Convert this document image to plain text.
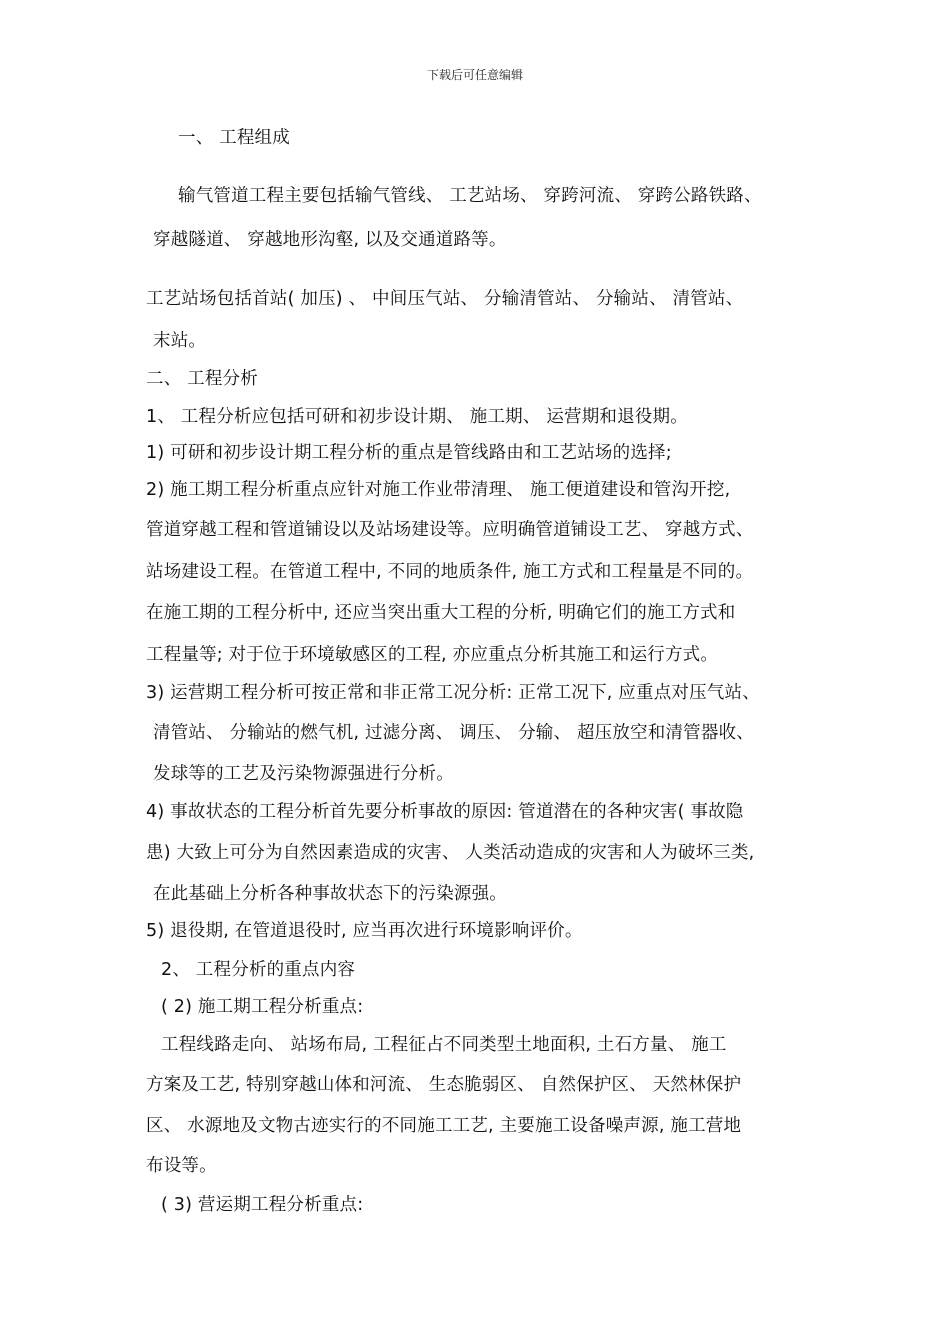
下载后可任意编辑
一、 工程组成
输气管道工程主要包括输气管线、 工艺站场、 穿跨河流、 穿跨公路铁路、
穿越隧道、 穿越地形沟壑, 以及交通道路等。
工艺站场包括首站( 加压) 、 中间压气站、 分输清管站、 分输站、 清管站、
末站。
二、 工程分析
1、 工程分析应包括可研和初步设计期、 施工期、 运营期和退役期。
1) 可研和初步设计期工程分析的重点是管线路由和工艺站场的选择;
2) 施工期工程分析重点应针对施工作业带清理、 施工便道建设和管沟开挖,
管道穿越工程和管道铺设以及站场建设等。应明确管道铺设工艺、 穿越方式、
站场建设工程。在管道工程中, 不同的地质条件, 施工方式和工程量是不同的。
在施工期的工程分析中, 还应当突出重大工程的分析, 明确它们的施工方式和
工程量等; 对于位于环境敏感区的工程, 亦应重点分析其施工和运行方式。
3) 运营期工程分析可按正常和非正常工况分析: 正常工况下, 应重点对压气站、
清管站、 分输站的燃气机, 过滤分离、 调压、 分输、 超压放空和清管器收、
发球等的工艺及污染物源强进行分析。
4) 事故状态的工程分析首先要分析事故的原因: 管道潜在的各种灾害( 事故隐
患) 大致上可分为自然因素造成的灾害、 人类活动造成的灾害和人为破坏三类,
在此基础上分析各种事故状态下的污染源强。
5) 退役期, 在管道退役时, 应当再次进行环境影响评价。
2、 工程分析的重点内容
( 2) 施工期工程分析重点:
工程线路走向、 站场布局, 工程征占不同类型土地面积, 土石方量、 施工
方案及工艺, 特别穿越山体和河流、 生态脆弱区、 自然保护区、 天然林保护
区、 水源地及文物古迹实行的不同施工工艺, 主要施工设备噪声源, 施工营地
布设等。
( 3) 营运期工程分析重点:
